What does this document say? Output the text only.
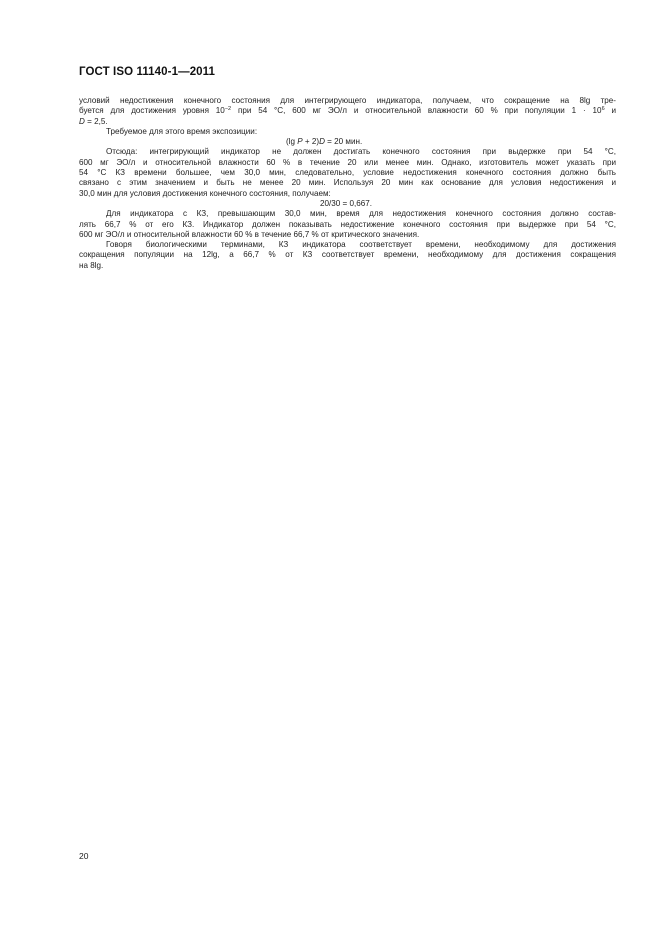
ГОСТ ISO 11140-1—2011
условий недостижения конечного состояния для интегрирующего индикатора, получаем, что сокращение на 8lg тре-
буется для достижения уровня $10^{-2}$ при 54 °С, 600 мг ЭО/л и относительной влажности 60 % при популяции $1 \cdot 10^6$ и
D = 2,5.
Требуемое для этого время экспозиции:
(lg P + 2)D = 20 мин.
Отсюда: интегрирующий индикатор не должен достигать конечного состояния при выдержке при 54 °С,
600 мг ЭО/л и относительной влажности 60 % в течение 20 или менее мин. Однако, изготовитель может указать при
54 °С КЗ времени большее, чем 30,0 мин, следовательно, условие недостижения конечного состояния должно быть
связано с этим значением и быть не менее 20 мин. Используя 20 мин как основание для условия недостижения и
30,0 мин для условия достижения конечного состояния, получаем:
20/30 = 0,667.
Для индикатора с КЗ, превышающим 30,0 мин, время для недостижения конечного состояния должно состав-
лять 66,7 % от его КЗ. Индикатор должен показывать недостижение конечного состояния при выдержке при 54 °С,
600 мг ЭО/л и относительной влажности 60 % в течение 66,7 % от критического значения.
Говоря биологическими терминами, КЗ индикатора соответствует времени, необходимому для достижения
сокращения популяции на 12lg, а 66,7 % от КЗ соответствует времени, необходимому для достижения сокращения
на 8lg.
20
